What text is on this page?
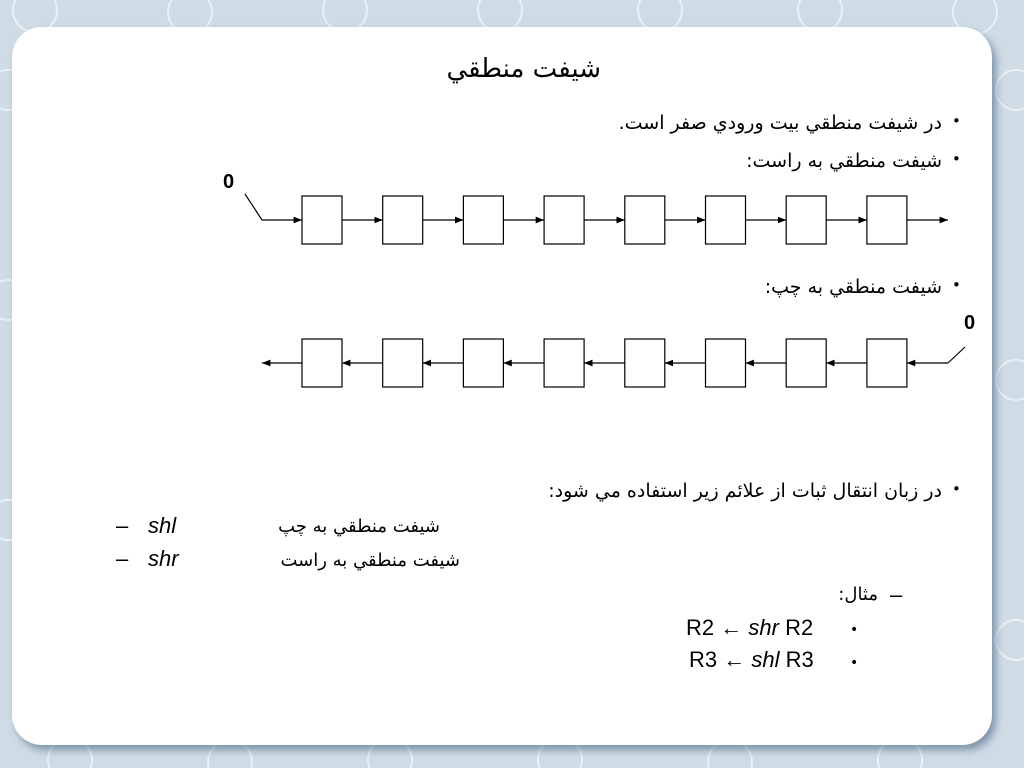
شيفت منطقي
•
در شيفت منطقي بيت ورودي صفر است.
•
شيفت منطقي به راست:
0
•
شيفت منطقي به چپ:
0
•
در زبان انتقال ثبات از علائم زير استفاده مي شود:
– shl	شيفت منطقي به چپ
– shr	شيفت منطقي به راست
–
مثال:
•
R2 ← shr R2
•
R3 ← shl R3
